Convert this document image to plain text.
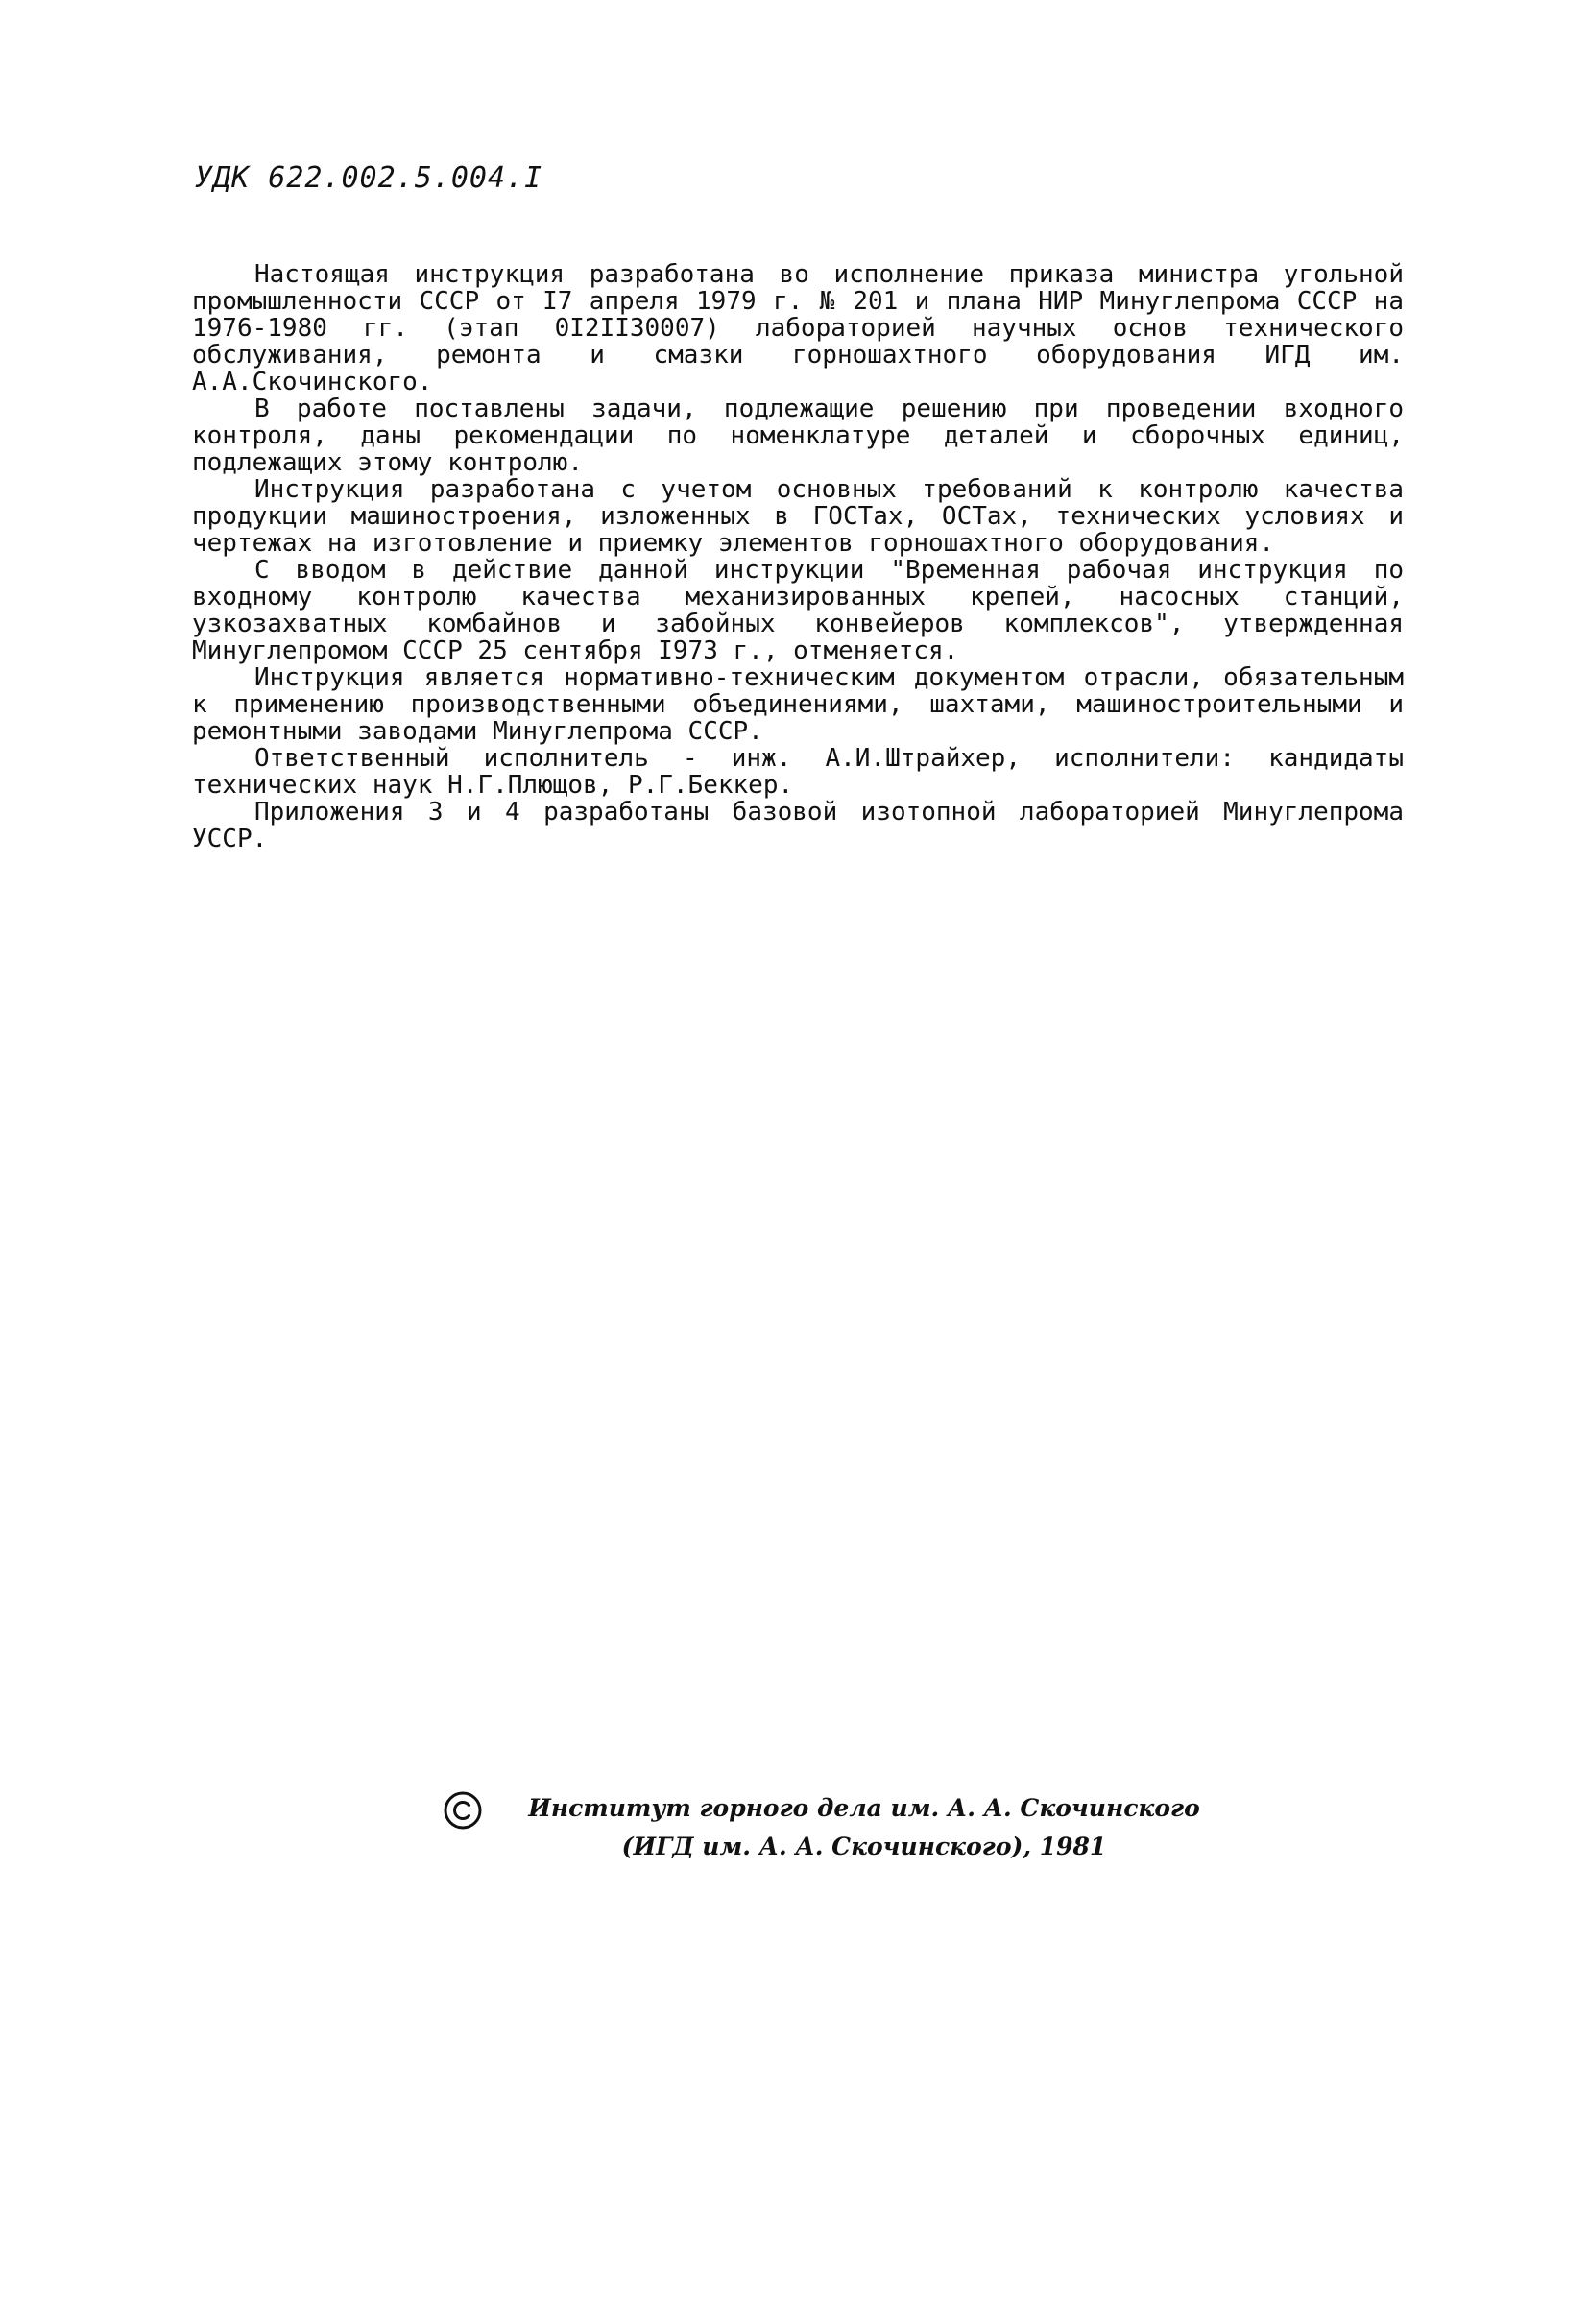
УДК 622.002.5.004.I

Настоящая инструкция разработана во исполнение приказа министра угольной промышленности СССР от I7 апреля 1979 г. № 201 и плана НИР Минуглепрома СССР на 1976-1980 гг. (этап 0I2II30007) лабораторией научных основ технического обслуживания, ремонта и смазки горношахтного оборудования ИГД им. А.А.Скочинского.

В работе поставлены задачи, подлежащие решению при проведении входного контроля, даны рекомендации по номенклатуре деталей и сборочных единиц, подлежащих этому контролю.

Инструкция разработана с учетом основных требований к контролю качества продукции машиностроения, изложенных в ГОСТах, ОСТах, технических условиях и чертежах на изготовление и приемку элементов горношахтного оборудования.

С вводом в действие данной инструкции "Временная рабочая инструкция по входному контролю качества механизированных крепей, насосных станций, узкозахватных комбайнов и забойных конвейеров комплексов", утвержденная Минуглепромом СССР 25 сентября I973 г., отменяется.

Инструкция является нормативно-техническим документом отрасли, обязательным к применению производственными объединениями, шахтами, машиностроительными и ремонтными заводами Минуглепрома СССР.

Ответственный исполнитель - инж. А.И.Штрайхер, исполнители: кандидаты технических наук Н.Г.Плющов, Р.Г.Беккер.

Приложения 3 и 4 разработаны базовой изотопной лабораторией Минуглепрома УССР.

Институт горного дела им. А. А. Скочинского
(ИГД им. А. А. Скочинского), 1981
